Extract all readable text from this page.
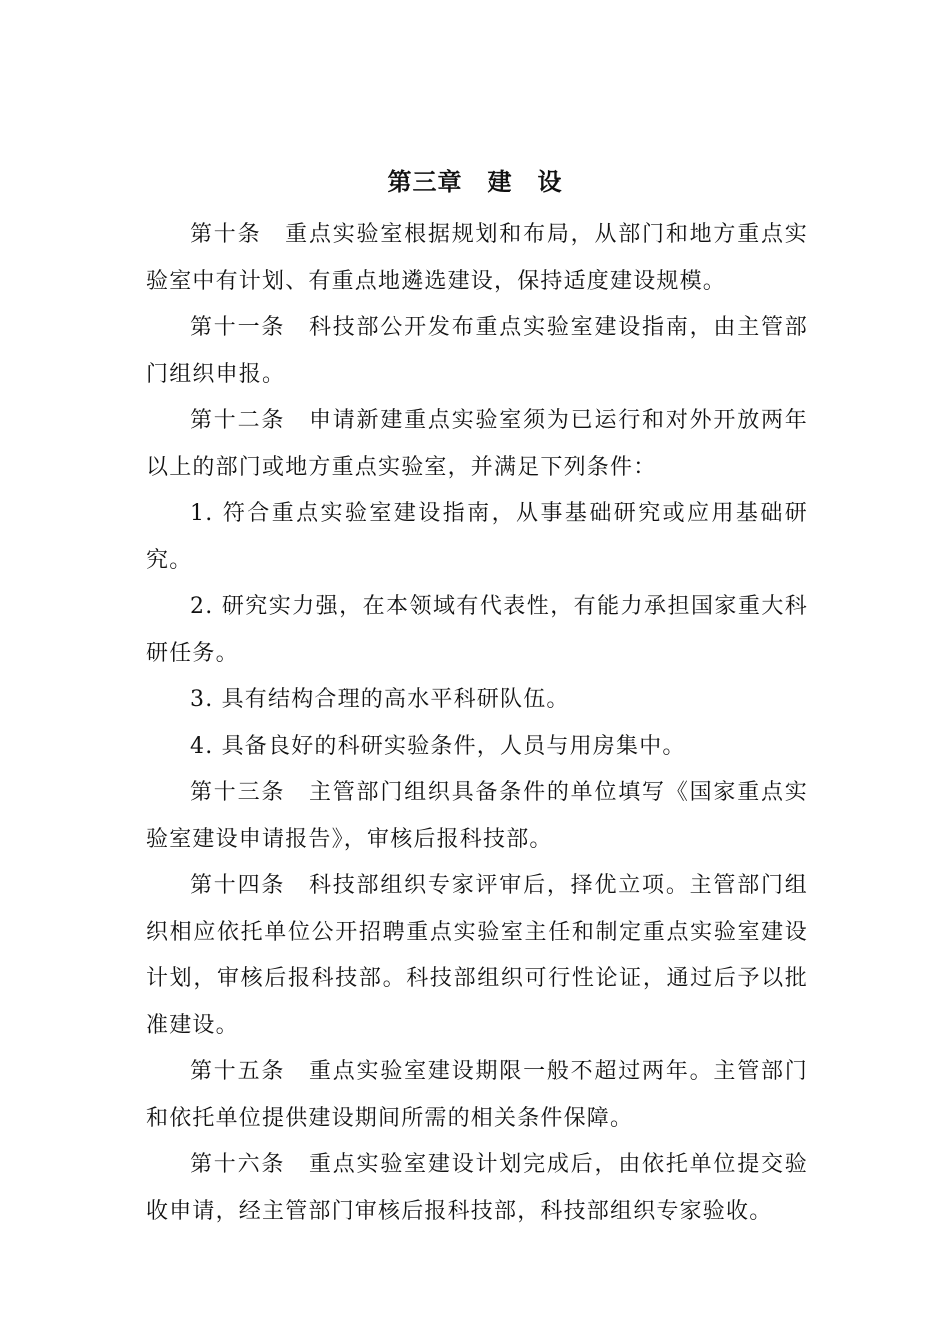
第三章　建　设

第十条　重点实验室根据规划和布局，从部门和地方重点实验室中有计划、有重点地遴选建设，保持适度建设规模。

第十一条　科技部公开发布重点实验室建设指南，由主管部门组织申报。

第十二条　申请新建重点实验室须为已运行和对外开放两年以上的部门或地方重点实验室，并满足下列条件：

1. 符合重点实验室建设指南，从事基础研究或应用基础研究。

2. 研究实力强，在本领域有代表性，有能力承担国家重大科研任务。

3. 具有结构合理的高水平科研队伍。

4. 具备良好的科研实验条件，人员与用房集中。

第十三条　主管部门组织具备条件的单位填写《国家重点实验室建设申请报告》，审核后报科技部。

第十四条　科技部组织专家评审后，择优立项。主管部门组织相应依托单位公开招聘重点实验室主任和制定重点实验室建设计划，审核后报科技部。科技部组织可行性论证，通过后予以批准建设。

第十五条　重点实验室建设期限一般不超过两年。主管部门和依托单位提供建设期间所需的相关条件保障。

第十六条　重点实验室建设计划完成后，由依托单位提交验收申请，经主管部门审核后报科技部，科技部组织专家验收。
